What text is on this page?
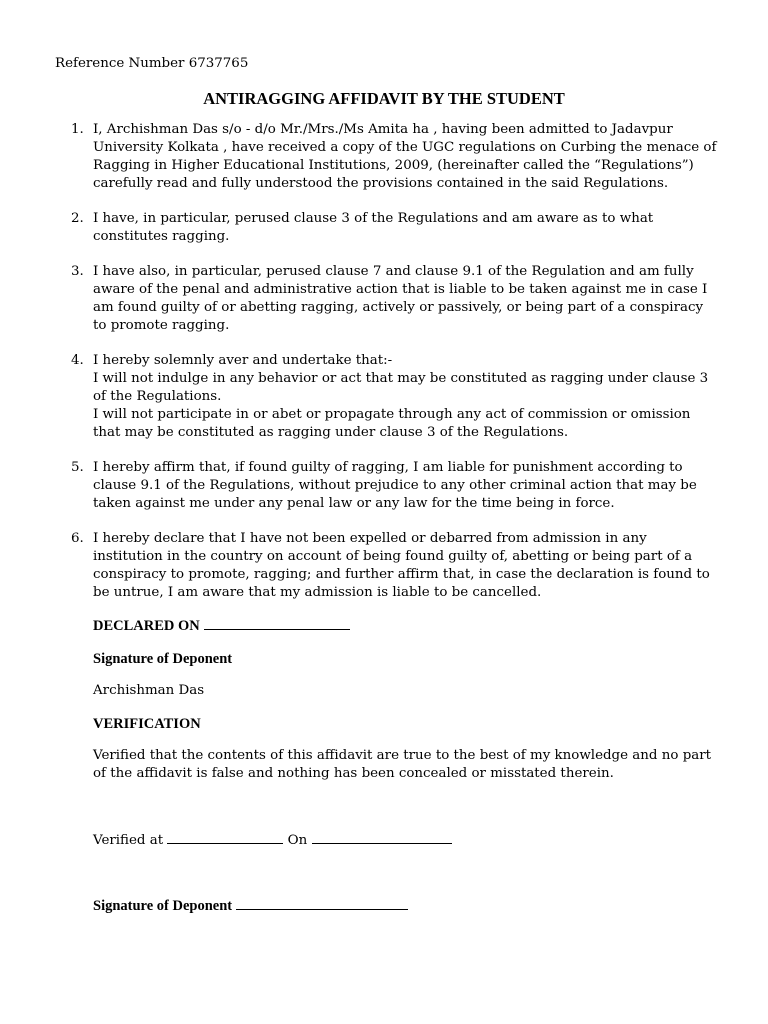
Reference Number 6737765
ANTIRAGGING AFFIDAVIT BY THE STUDENT
1. I, Archishman Das s/o - d/o Mr./Mrs./Ms Amita ha , having been admitted to Jadavpur University Kolkata , have received a copy of the UGC regulations on Curbing the menace of Ragging in Higher Educational Institutions, 2009, (hereinafter called the “Regulations”) carefully read and fully understood the provisions contained in the said Regulations.

2. I have, in particular, perused clause 3 of the Regulations and am aware as to what constitutes ragging.

3. I have also, in particular, perused clause 7 and clause 9.1 of the Regulation and am fully aware of the penal and administrative action that is liable to be taken against me in case I am found guilty of or abetting ragging, actively or passively, or being part of a conspiracy to promote ragging.

4. I hereby solemnly aver and undertake that:-

I will not indulge in any behavior or act that may be constituted as ragging under clause 3 of the Regulations.

I will not participate in or abet or propagate through any act of commission or omission that may be constituted as ragging under clause 3 of the Regulations.

5. I hereby affirm that, if found guilty of ragging, I am liable for punishment according to clause 9.1 of the Regulations, without prejudice to any other criminal action that may be taken against me under any penal law or any law for the time being in force.

6. I hereby declare that I have not been expelled or debarred from admission in any institution in the country on account of being found guilty of, abetting or being part of a conspiracy to promote, ragging; and further affirm that, in case the declaration is found to be untrue, I am aware that my admission is liable to be cancelled.

DECLARED ON
Signature of Deponent
Archishman Das
VERIFICATION
Verified that the contents of this affidavit are true to the best of my knowledge and no part of the affidavit is false and nothing has been concealed or misstated therein.
Verified at	On
Signature of Deponent
